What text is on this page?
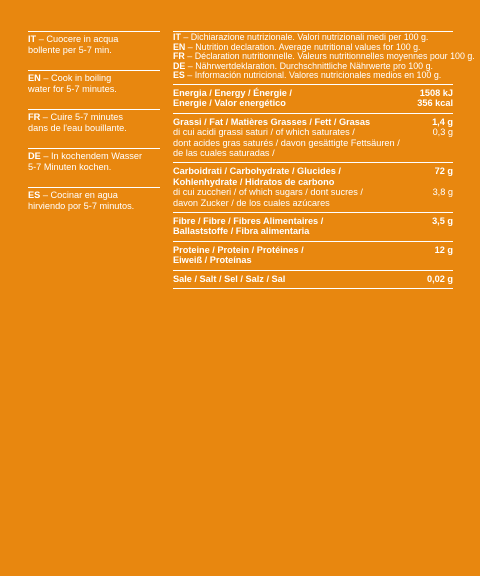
IT – Cuocere in acqua
bollente per 5-7 min.
EN – Cook in boiling
water for 5-7 minutes.
FR – Cuire 5-7 minutes
dans de l'eau bouillante.
DE – In kochendem Wasser
5-7 Minuten kochen.
ES – Cocinar en agua
hirviendo por 5-7 minutos.
IT – Dichiarazione nutrizionale. Valori nutrizionali medi per 100 g.
EN – Nutrition declaration. Average nutritional values for 100 g.
FR – Déclaration nutritionnelle. Valeurs nutritionnelles moyennes pour 100 g.
DE – Nährwertdeklaration. Durchschnittliche Nährwerte pro 100 g.
ES – Información nutricional. Valores nutricionales medios en 100 g.
Energia / Energy / Énergie /	1508 kJ
Energie / Valor energético	356 kcal
Grassi / Fat / Matières Grasses / Fett / Grasas	1,4 g
di cui acidi grassi saturi / of which saturates /	0,3 g
dont acides gras saturés / davon gesättigte Fettsäuren /
de las cuales saturadas /
Carboidrati / Carbohydrate / Glucides /	72 g
Kohlenhydrate / Hidratos de carbono
di cui zuccheri / of which sugars / dont sucres /	3,8 g
davon Zucker / de los cuales azúcares
Fibre / Fibre / Fibres Alimentaires /	3,5 g
Ballaststoffe / Fibra alimentaria
Proteine / Protein / Protéines /	12 g
Eiweiß / Proteínas
Sale / Salt / Sel / Salz / Sal	0,02 g
